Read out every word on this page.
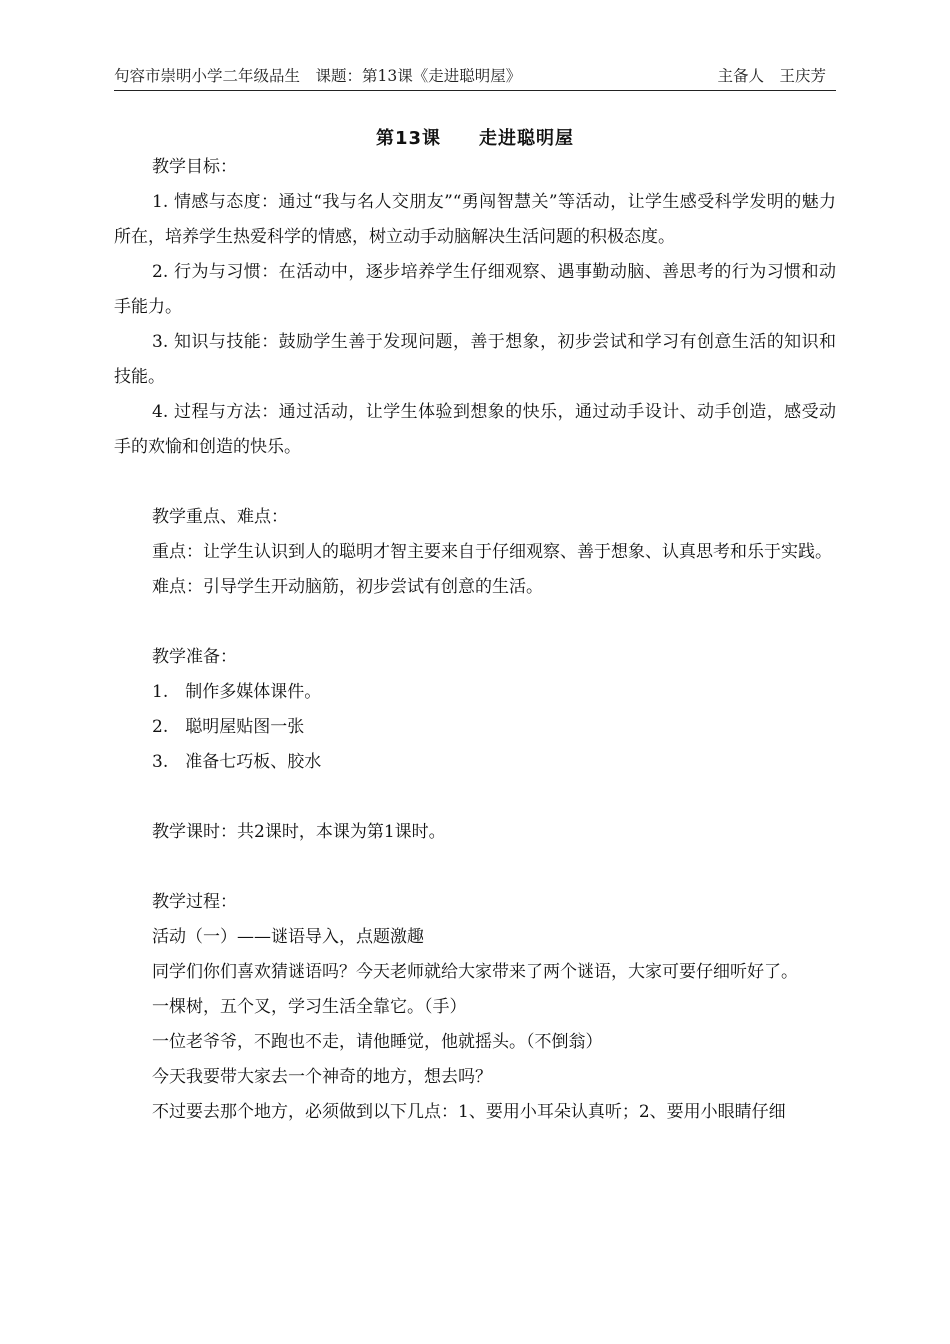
句容市崇明小学二年级品生　课题：第13课《走进聪明屋》	主备人　王庆芳
第13课　　走进聪明屋

教学目标：

1. 情感与态度：通过“我与名人交朋友”“勇闯智慧关”等活动，让学生感受科学发明的魅力所在，培养学生热爱科学的情感，树立动手动脑解决生活问题的积极态度。

2. 行为与习惯：在活动中，逐步培养学生仔细观察、遇事勤动脑、善思考的行为习惯和动手能力。

3. 知识与技能：鼓励学生善于发现问题，善于想象，初步尝试和学习有创意生活的知识和技能。

4. 过程与方法：通过活动，让学生体验到想象的快乐，通过动手设计、动手创造，感受动手的欢愉和创造的快乐。

教学重点、难点：

重点：让学生认识到人的聪明才智主要来自于仔细观察、善于想象、认真思考和乐于实践。

难点：引导学生开动脑筋，初步尝试有创意的生活。

教学准备：

1.　制作多媒体课件。

2.　聪明屋贴图一张

3.　准备七巧板、胶水

教学课时：共2课时，本课为第1课时。

教学过程：

活动（一）——谜语导入，点题激趣

同学们你们喜欢猜谜语吗？今天老师就给大家带来了两个谜语，大家可要仔细听好了。

一棵树，五个叉，学习生活全靠它。（手）

一位老爷爷，不跑也不走，请他睡觉，他就摇头。（不倒翁）

今天我要带大家去一个神奇的地方，想去吗？

不过要去那个地方，必须做到以下几点：1、要用小耳朵认真听；2、要用小眼睛仔细
